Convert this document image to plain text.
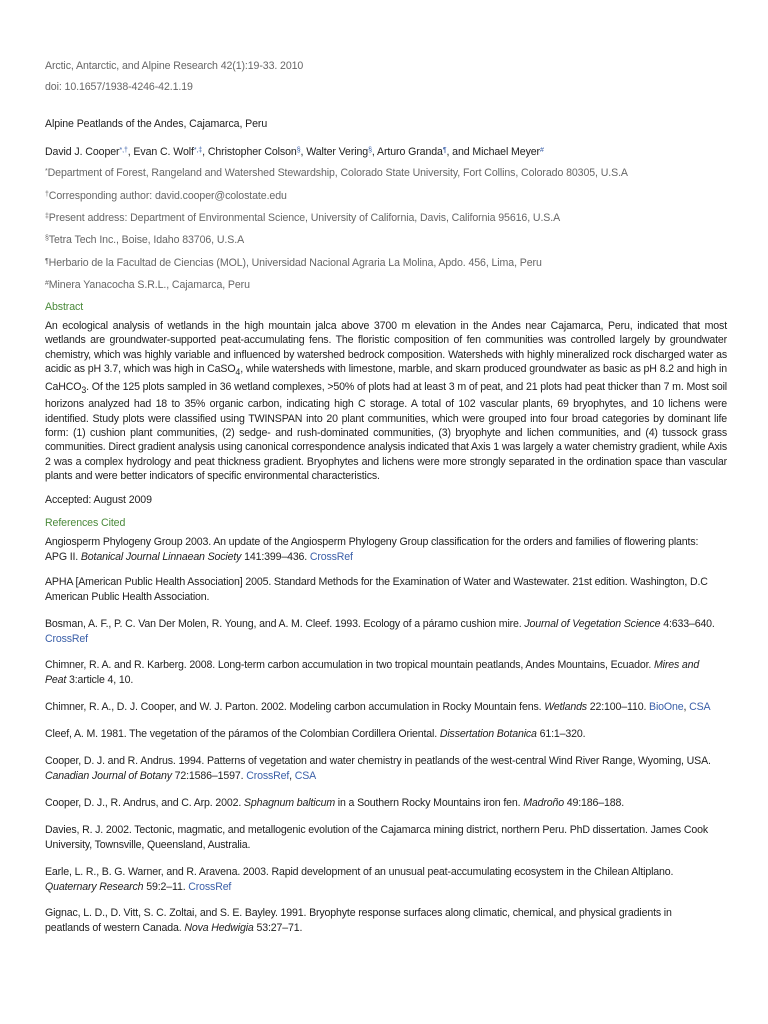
Arctic, Antarctic, and Alpine Research 42(1):19-33. 2010
doi: 10.1657/1938-4246-42.1.19
Alpine Peatlands of the Andes, Cajamarca, Peru
David J. Cooper*,†, Evan C. Wolf*,‡, Christopher Colson§, Walter Vering§, Arturo Granda¶, and Michael Meyer#
*Department of Forest, Rangeland and Watershed Stewardship, Colorado State University, Fort Collins, Colorado 80305, U.S.A
†Corresponding author: david.cooper@colostate.edu
‡Present address: Department of Environmental Science, University of California, Davis, California 95616, U.S.A
§Tetra Tech Inc., Boise, Idaho 83706, U.S.A
¶Herbario de la Facultad de Ciencias (MOL), Universidad Nacional Agraria La Molina, Apdo. 456, Lima, Peru
#Minera Yanacocha S.R.L., Cajamarca, Peru
Abstract
An ecological analysis of wetlands in the high mountain jalca above 3700 m elevation in the Andes near Cajamarca, Peru, indicated that most wetlands are groundwater-supported peat-accumulating fens. The floristic composition of fen communities was controlled largely by groundwater chemistry, which was highly variable and influenced by watershed bedrock composition. Watersheds with highly mineralized rock discharged water as acidic as pH 3.7, which was high in CaSO$_4$, while watersheds with limestone, marble, and skarn produced groundwater as basic as pH 8.2 and high in CaHCO$_3$. Of the 125 plots sampled in 36 wetland complexes, >50% of plots had at least 3 m of peat, and 21 plots had peat thicker than 7 m. Most soil horizons analyzed had 18 to 35% organic carbon, indicating high C storage. A total of 102 vascular plants, 69 bryophytes, and 10 lichens were identified. Study plots were classified using TWINSPAN into 20 plant communities, which were grouped into four broad categories by dominant life form: (1) cushion plant communities, (2) sedge- and rush-dominated communities, (3) bryophyte and lichen communities, and (4) tussock grass communities. Direct gradient analysis using canonical correspondence analysis indicated that Axis 1 was largely a water chemistry gradient, while Axis 2 was a complex hydrology and peat thickness gradient. Bryophytes and lichens were more strongly separated in the ordination space than vascular plants and were better indicators of specific environmental characteristics.
Accepted: August 2009
References Cited
Angiosperm Phylogeny Group 2003. An update of the Angiosperm Phylogeny Group classification for the orders and families of flowering plants:
APG II. Botanical Journal Linnaean Society 141:399–436. CrossRef
APHA [American Public Health Association] 2005. Standard Methods for the Examination of Water and Wastewater. 21st edition. Washington, D.C
American Public Health Association.
Bosman, A. F., P. C. Van Der Molen, R. Young, and A. M. Cleef. 1993. Ecology of a páramo cushion mire. Journal of Vegetation Science 4:633–640.
CrossRef
Chimner, R. A. and R. Karberg. 2008. Long-term carbon accumulation in two tropical mountain peatlands, Andes Mountains, Ecuador. Mires and
Peat 3:article 4, 10.
Chimner, R. A., D. J. Cooper, and W. J. Parton. 2002. Modeling carbon accumulation in Rocky Mountain fens. Wetlands 22:100–110. BioOne, CSA
Cleef, A. M. 1981. The vegetation of the páramos of the Colombian Cordillera Oriental. Dissertation Botanica 61:1–320.
Cooper, D. J. and R. Andrus. 1994. Patterns of vegetation and water chemistry in peatlands of the west-central Wind River Range, Wyoming, USA.
Canadian Journal of Botany 72:1586–1597. CrossRef, CSA
Cooper, D. J., R. Andrus, and C. Arp. 2002. Sphagnum balticum in a Southern Rocky Mountains iron fen. Madroño 49:186–188.
Davies, R. J. 2002. Tectonic, magmatic, and metallogenic evolution of the Cajamarca mining district, northern Peru. PhD dissertation. James Cook
University, Townsville, Queensland, Australia.
Earle, L. R., B. G. Warner, and R. Aravena. 2003. Rapid development of an unusual peat-accumulating ecosystem in the Chilean Altiplano.
Quaternary Research 59:2–11. CrossRef
Gignac, L. D., D. Vitt, S. C. Zoltai, and S. E. Bayley. 1991. Bryophyte response surfaces along climatic, chemical, and physical gradients in
peatlands of western Canada. Nova Hedwigia 53:27–71.
